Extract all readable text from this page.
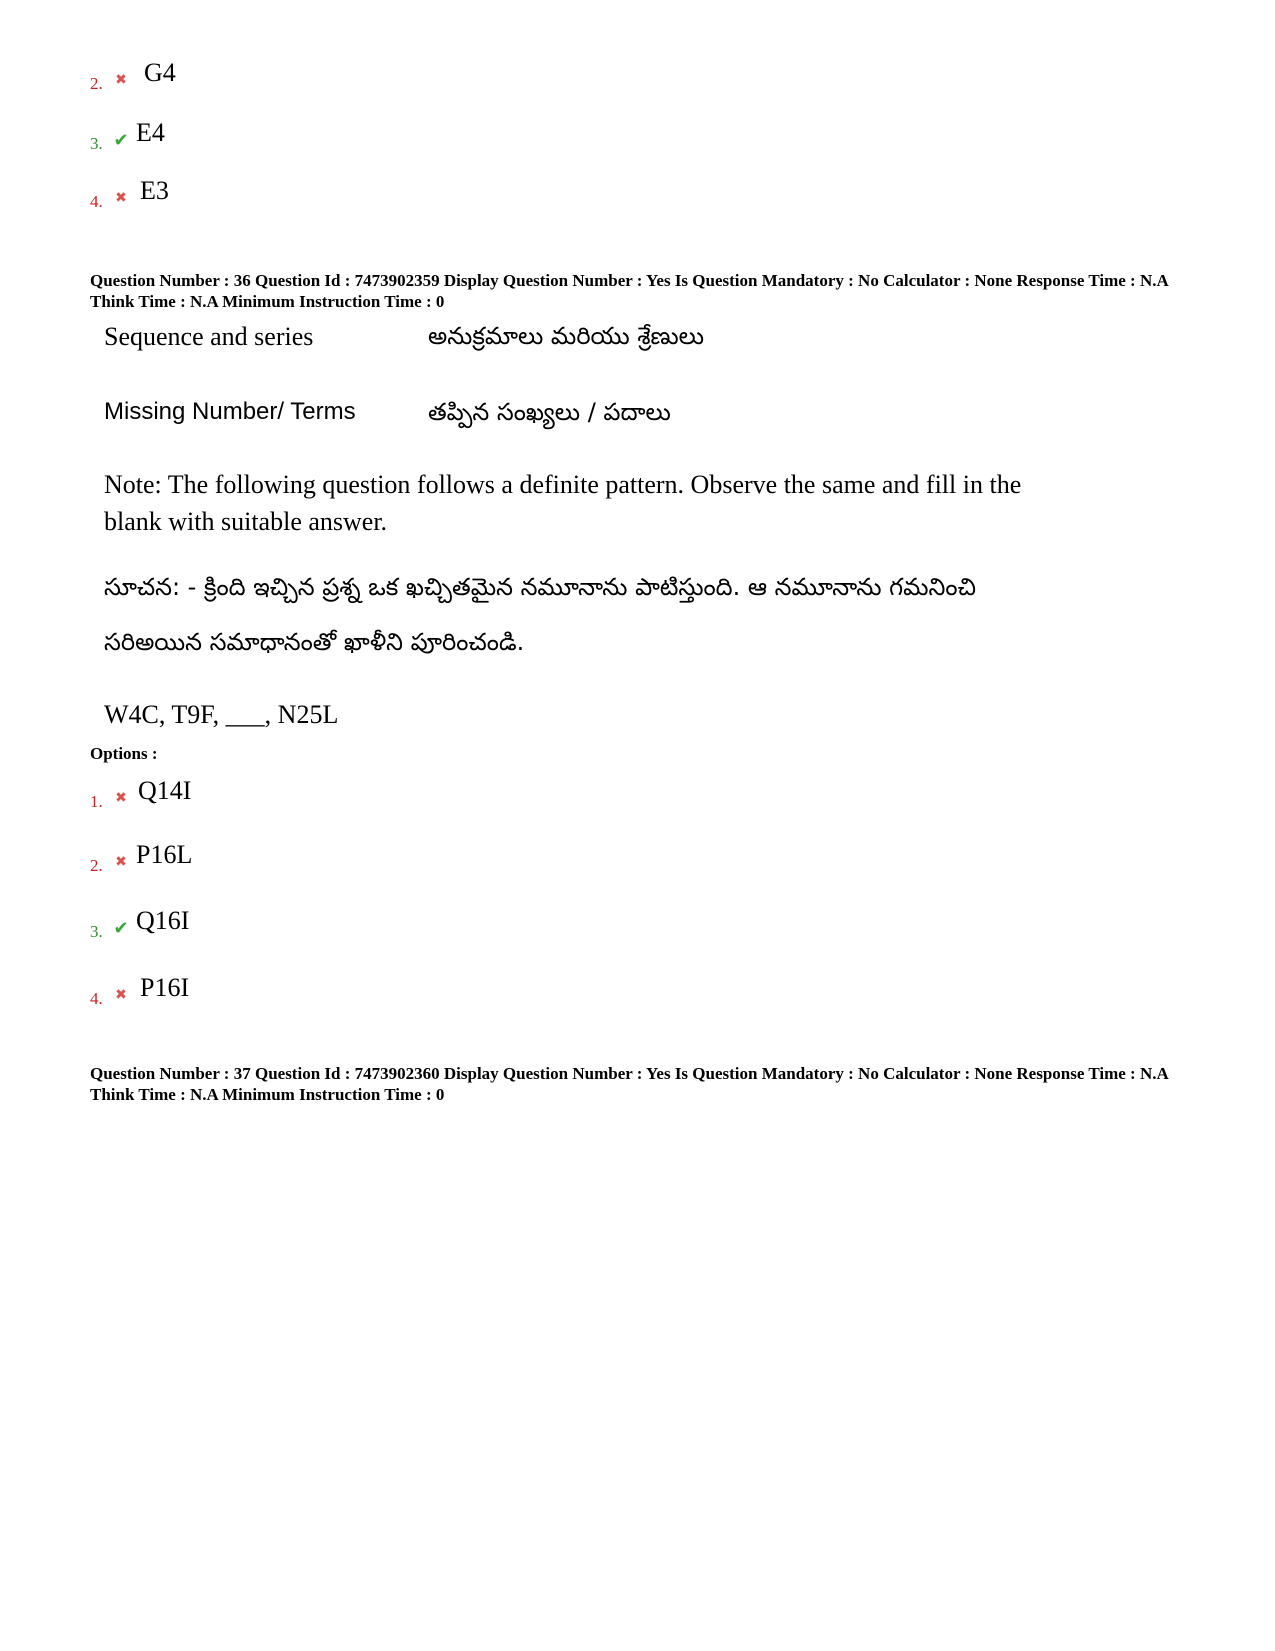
2. ✖ G4
3. ✔ E4
4. ✖ E3
Question Number : 36 Question Id : 7473902359 Display Question Number : Yes Is Question Mandatory : No Calculator : None Response Time : N.A Think Time : N.A Minimum Instruction Time : 0
Sequence and series	అనుక్రమాలు మరియు శ్రేణులు
Missing Number/ Terms	తప్పిన సంఖ్యలు / పదాలు
Note: The following question follows a definite pattern. Observe the same and fill in the blank with suitable answer.
సూచన: - క్రింది ఇచ్చిన ప్రశ్న ఒక ఖచ్చితమైన నమూనాను పాటిస్తుంది. ఆ నమూనాను గమనించి సరిఅయిన సమాధానంతో ఖాళీని పూరించండి.
W4C, T9F, ___, N25L
Options :
1. ✖ Q14I
2. ✖ P16L
3. ✔ Q16I
4. ✖ P16I
Question Number : 37 Question Id : 7473902360 Display Question Number : Yes Is Question Mandatory : No Calculator : None Response Time : N.A Think Time : N.A Minimum Instruction Time : 0
